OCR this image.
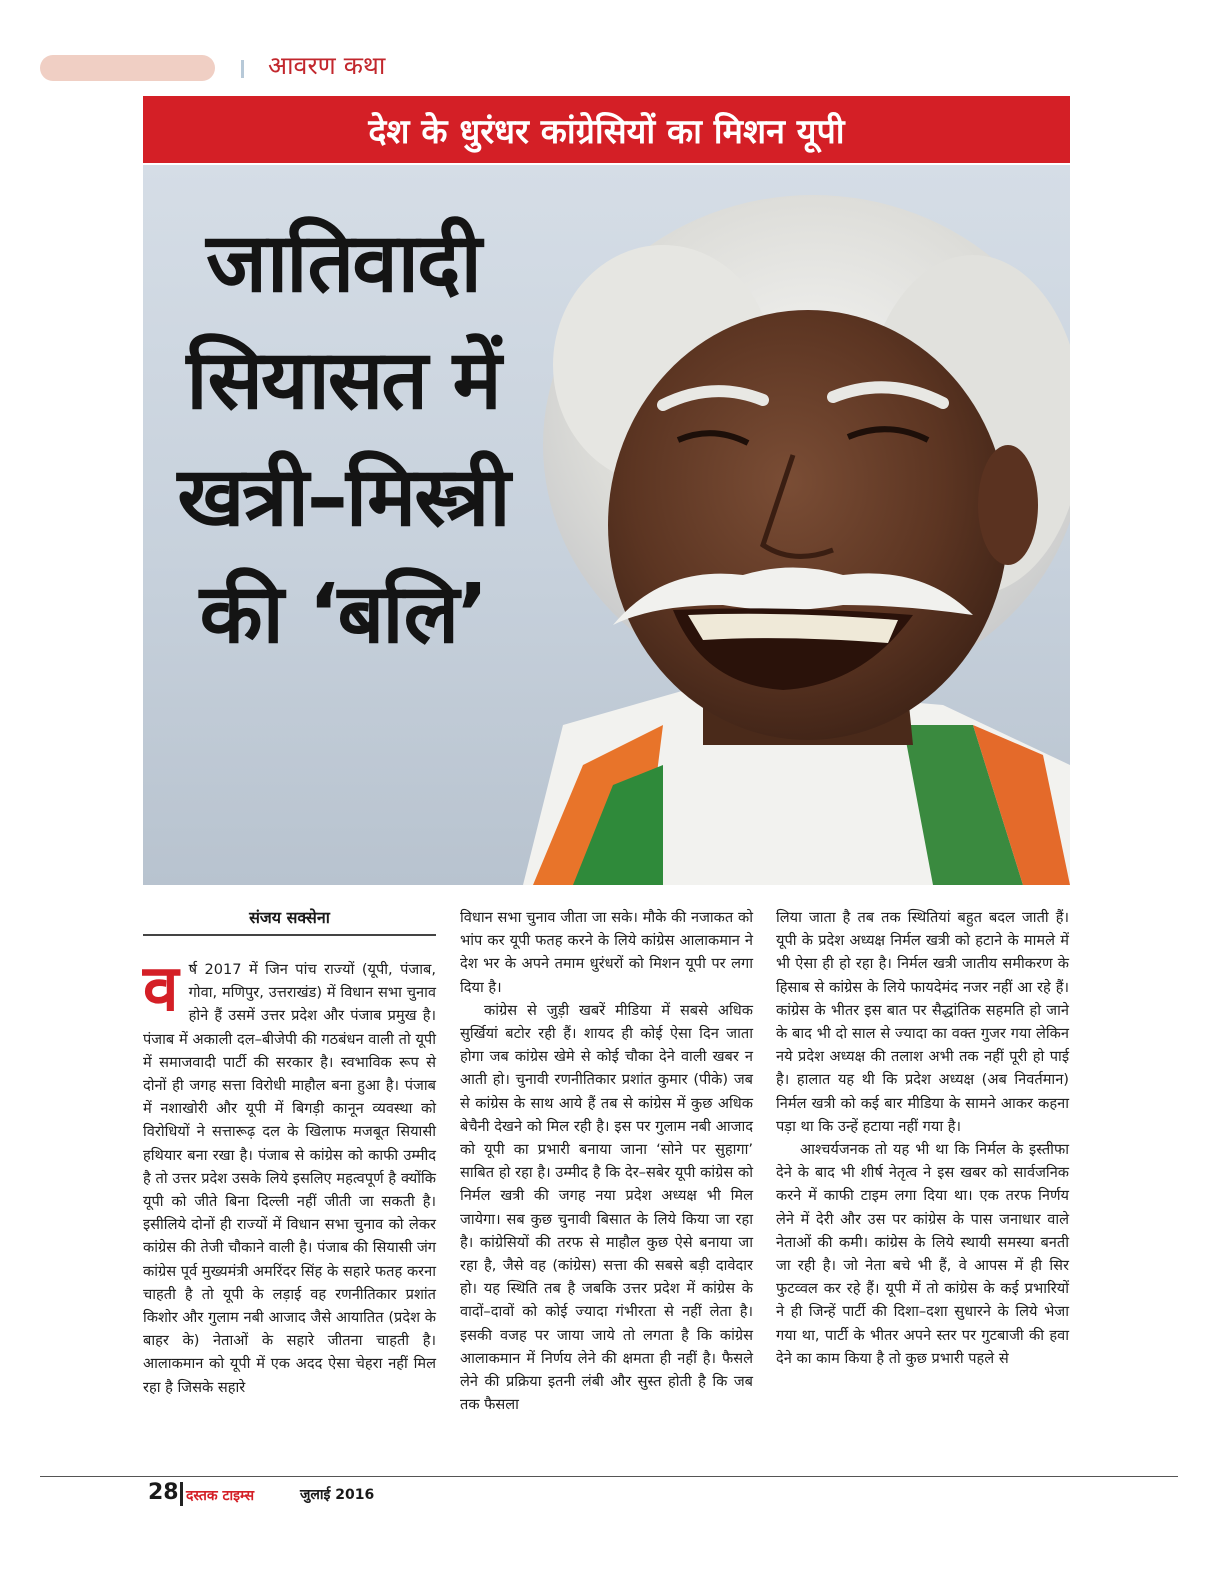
आवरण कथा
देश के धुरंधर कांग्रेसियों का मिशन यूपी
जातिवादी
सियासत में
खत्री–मिस्त्री
की ‘बलि’
संजय सक्सेना
व र्ष 2017 में जिन पांच राज्यों (यूपी, पंजाब, गोवा, मणिपुर, उत्तराखंड) में विधान सभा चुनाव होने हैं उसमें उत्तर प्रदेश और पंजाब प्रमुख है। पंजाब में अकाली दल–बीजेपी की गठबंधन वाली तो यूपी में समाजवादी पार्टी की सरकार है। स्वभाविक रूप से दोनों ही जगह सत्ता विरोधी माहौल बना हुआ है। पंजाब में नशाखोरी और यूपी में बिगड़ी कानून व्यवस्था को विरोधियों ने सत्तारूढ़ दल के खिलाफ मजबूत सियासी हथियार बना रखा है। पंजाब से कांग्रेस को काफी उम्मीद है तो उत्तर प्रदेश उसके लिये इसलिए महत्वपूर्ण है क्योंकि यूपी को जीते बिना दिल्ली नहीं जीती जा सकती है। इसीलिये दोनों ही राज्यों में विधान सभा चुनाव को लेकर कांग्रेस की तेजी चौकाने वाली है। पंजाब की सियासी जंग कांग्रेस पूर्व मुख्यमंत्री अमरिंदर सिंह के सहारे फतह करना चाहती है तो यूपी के लड़ाई वह रणनीतिकार प्रशांत किशोर और गुलाम नबी आजाद जैसे आयातित (प्रदेश के बाहर के) नेताओं के सहारे जीतना चाहती है। आलाकमान को यूपी में एक अदद ऐसा चेहरा नहीं मिल रहा है जिसके सहारे

विधान सभा चुनाव जीता जा सके। मौके की नजाकत को भांप कर यूपी फतह करने के लिये कांग्रेस आलाकमान ने देश भर के अपने तमाम धुरंधरों को मिशन यूपी पर लगा दिया है।

कांग्रेस से जुड़ी खबरें मीडिया में सबसे अधिक सुर्खियां बटोर रही हैं। शायद ही कोई ऐसा दिन जाता होगा जब कांग्रेस खेमे से कोई चौका देने वाली खबर न आती हो। चुनावी रणनीतिकार प्रशांत कुमार (पीके) जब से कांग्रेस के साथ आये हैं तब से कांग्रेस में कुछ अधिक बेचैनी देखने को मिल रही है। इस पर गुलाम नबी आजाद को यूपी का प्रभारी बनाया जाना ‘सोने पर सुहागा’ साबित हो रहा है। उम्मीद है कि देर–सबेर यूपी कांग्रेस को निर्मल खत्री की जगह नया प्रदेश अध्यक्ष भी मिल जायेगा। सब कुछ चुनावी बिसात के लिये किया जा रहा है। कांग्रेसियों की तरफ से माहौल कुछ ऐसे बनाया जा रहा है, जैसे वह (कांग्रेस) सत्ता की सबसे बड़ी दावेदार हो। यह स्थिति तब है जबकि उत्तर प्रदेश में कांग्रेस के वादों–दावों को कोई ज्यादा गंभीरता से नहीं लेता है। इसकी वजह पर जाया जाये तो लगता है कि कांग्रेस आलाकमान में निर्णय लेने की क्षमता ही नहीं है। फैसले लेने की प्रक्रिया इतनी लंबी और सुस्त होती है कि जब तक फैसला

लिया जाता है तब तक स्थितियां बहुत बदल जाती हैं। यूपी के प्रदेश अध्यक्ष निर्मल खत्री को हटाने के मामले में भी ऐसा ही हो रहा है। निर्मल खत्री जातीय समीकरण के हिसाब से कांग्रेस के लिये फायदेमंद नजर नहीं आ रहे हैं। कांग्रेस के भीतर इस बात पर सैद्धांतिक सहमति हो जाने के बाद भी दो साल से ज्यादा का वक्त गुजर गया लेकिन नये प्रदेश अध्यक्ष की तलाश अभी तक नहीं पूरी हो पाई है। हालात यह थी कि प्रदेश अध्यक्ष (अब निवर्तमान) निर्मल खत्री को कई बार मीडिया के सामने आकर कहना पड़ा था कि उन्हें हटाया नहीं गया है।

आश्चर्यजनक तो यह भी था कि निर्मल के इस्तीफा देने के बाद भी शीर्ष नेतृत्व ने इस खबर को सार्वजनिक करने में काफी टाइम लगा दिया था। एक तरफ निर्णय लेने में देरी और उस पर कांग्रेस के पास जनाधार वाले नेताओं की कमी। कांग्रेस के लिये स्थायी समस्या बनती जा रही है। जो नेता बचे भी हैं, वे आपस में ही सिर फुटव्वल कर रहे हैं। यूपी में तो कांग्रेस के कई प्रभारियों ने ही जिन्हें पार्टी की दिशा–दशा सुधारने के लिये भेजा गया था, पार्टी के भीतर अपने स्तर पर गुटबाजी की हवा देने का काम किया है तो कुछ प्रभारी पहले से

28 दस्तक टाइम्स	जुलाई 2016
